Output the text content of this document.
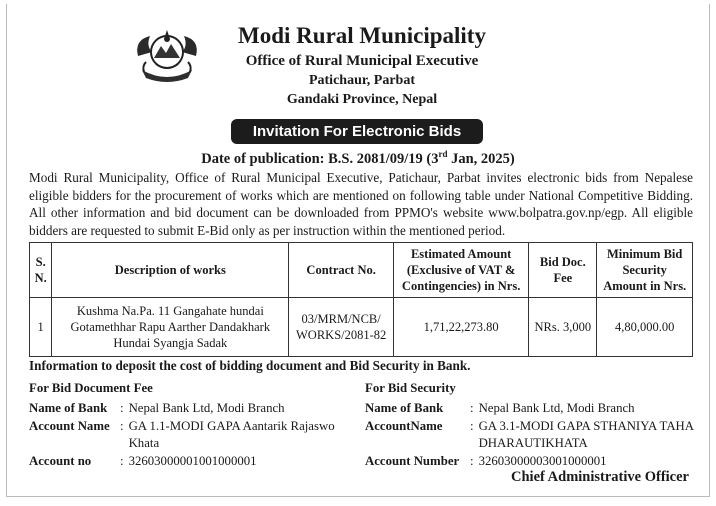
Modi Rural Municipality
Office of Rural Municipal Executive
Patichaur, Parbat
Gandaki Province, Nepal
Invitation For Electronic Bids
Date of publication: B.S. 2081/09/19 (3rd Jan, 2025)
Modi Rural Municipality, Office of Rural Municipal Executive, Patichaur, Parbat invites electronic bids from Nepalese eligible bidders for the procurement of works which are mentioned on following table under National Competitive Bidding. All other information and bid document can be downloaded from PPMO's website www.bolpatra.gov.np/egp. All eligible bidders are requested to submit E-Bid only as per instruction within the mentioned period.
S. N.	Description of works	Contract No.	Estimated Amount (Exclusive of VAT & Contingencies) in Nrs.	Bid Doc. Fee	Minimum Bid Security Amount in Nrs.
1	Kushma Na.Pa. 11 Gangahate hundai Gotamethhar Rapu Aarther Dandakhark Hundai Syangja Sadak	03/MRM/NCB/ WORKS/2081-82	1,71,22,273.80	NRs. 3,000	4,80,000.00
Information to deposit the cost of bidding document and Bid Security in Bank.
For Bid Document Fee
Name of Bank : Nepal Bank Ltd, Modi Branch
Account Name : GA 1.1-MODI GAPA Aantarik Rajaswo Khata
Account no	: 32603000001001000001
For Bid Security
Name of Bank	: Nepal Bank Ltd, Modi Branch
AccountName	: GA 3.1-MODI GAPA STHANIYA TAHA DHARAUTIKHATA
Account Number : 32603000003001000001
Chief Administrative Officer
